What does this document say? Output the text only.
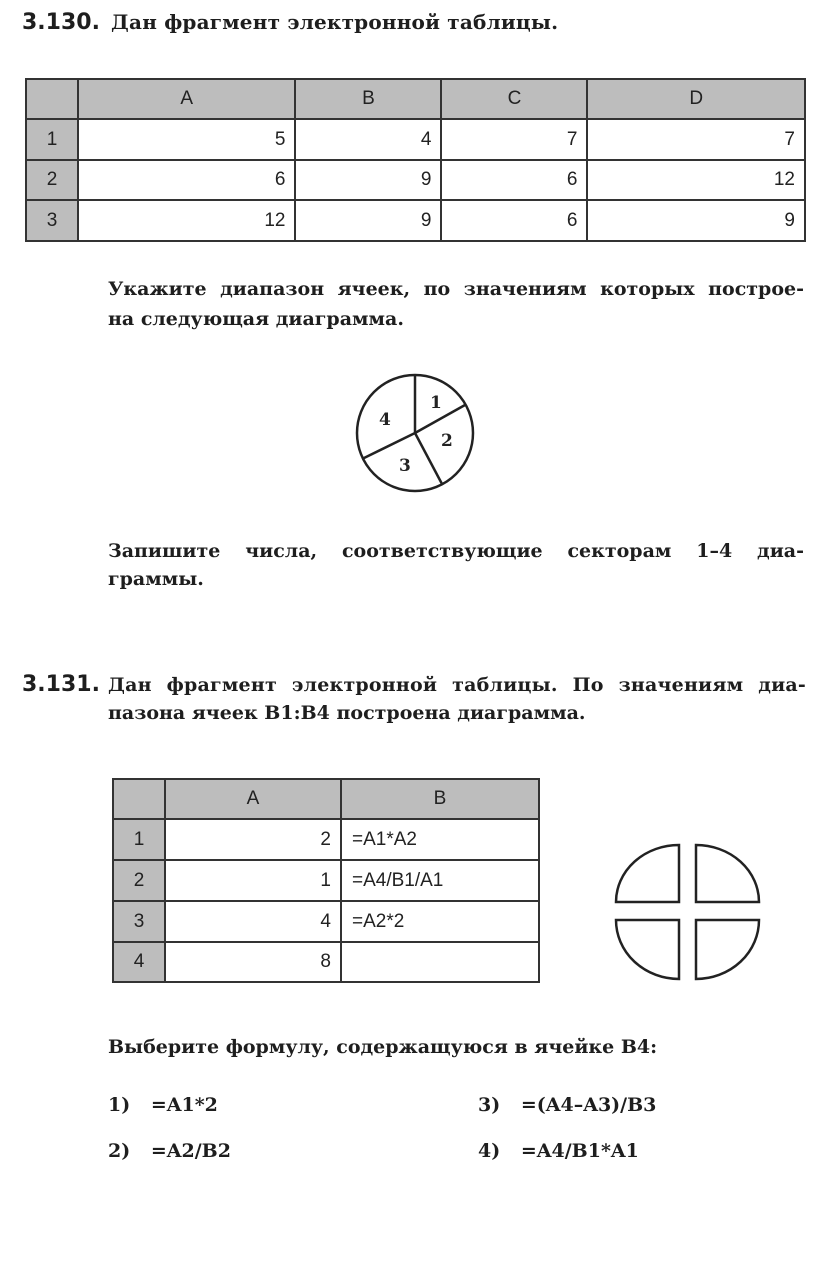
3.130. Дан фрагмент электронной таблицы.
	A	B	C	D
1	5	4	7	7
2	6	9	6	12
3	12	9	6	9
Укажите диапазон ячеек, по значениям которых построе-
на следующая диаграмма.
1
2
3
4
Запишите числа, соответствующие секторам 1–4 диа-
граммы.
3.131. Дан фрагмент электронной таблицы. По значениям диа-
пазона ячеек B1:B4 построена диаграмма.
	A	B
1	2	=A1*A2
2	1	=A4/B1/A1
3	4	=A2*2
4	8	
Выберите формулу, содержащуюся в ячейке B4:
1) =A1*2
2) =A2/B2
3) =(A4–A3)/B3
4) =A4/B1*A1
